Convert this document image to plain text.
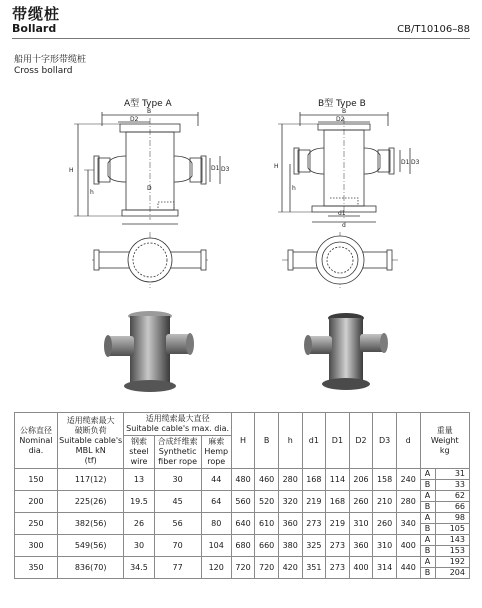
带缆桩
Bollard	CB/T10106–88
船用十字形带缆桩
Cross bollard
A型 Type A	B型 Type B
B
D2
H
h
D1 D3
D
B
D2
H
h
D1 D3
d1
d
公称直径
Nominal
dia.	适用缆索最大
破断负荷
Suitable cable's
MBL kN
(tf)	适用缆索最大直径
Suitable cable's max. dia.			H	B	h	d1	D1	D2	D3	d	重量
Weight
kg	

		钢索
steel
wire	合成纤维索
Synthetic
fiber rope	麻索
Hemp
rope										

150	117(12)	13	30	44	480	460	280	168	114	206	158	240	A	31
													B	33
200	225(26)	19.5	45	64	560	520	320	219	168	260	210	280	A	62
													B	66
250	382(56)	26	56	80	640	610	360	273	219	310	260	340	A	98
													B	105
300	549(56)	30	70	104	680	660	380	325	273	360	310	400	A	143
													B	153
350	836(70)	34.5	77	120	720	720	420	351	273	400	314	440	A	192
													B	204
